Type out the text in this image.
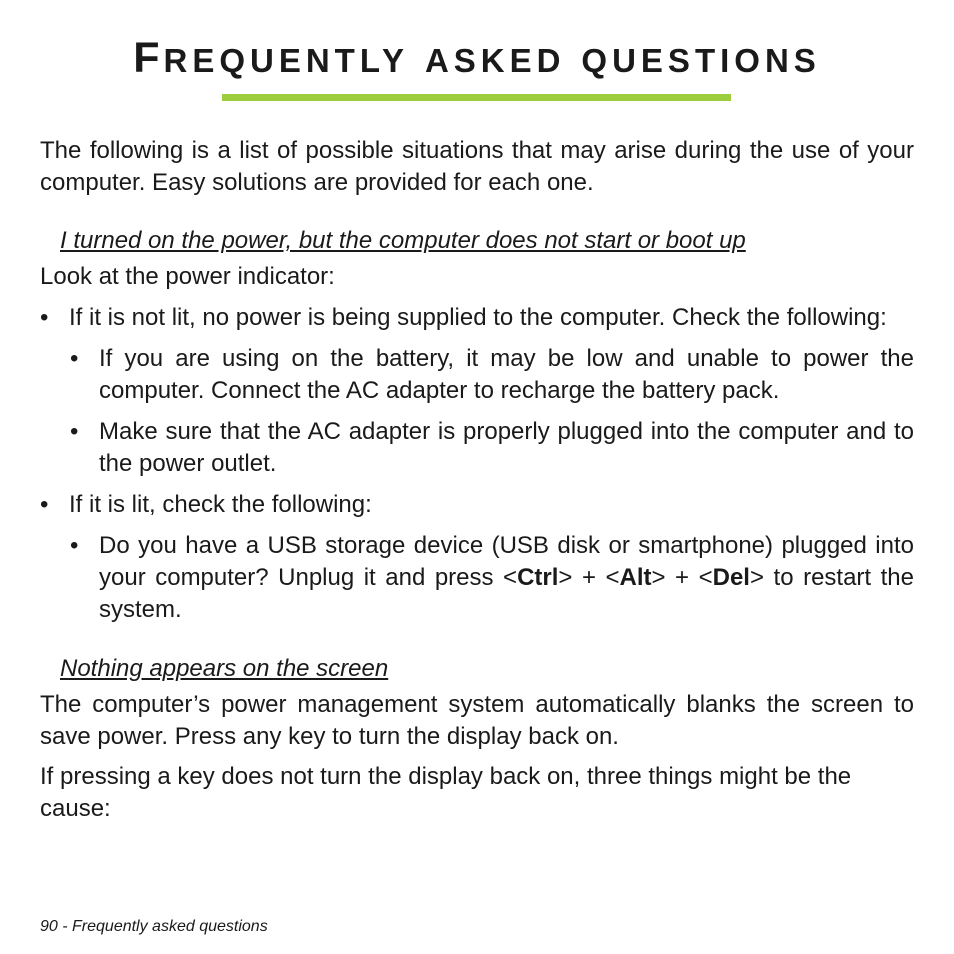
FREQUENTLY ASKED QUESTIONS

The following is a list of possible situations that may arise during the use of your computer. Easy solutions are provided for each one.

I turned on the power, but the computer does not start or boot up

Look at the power indicator:

• If it is not lit, no power is being supplied to the computer. Check the following:
• If you are using on the battery, it may be low and unable to power the computer. Connect the AC adapter to recharge the battery pack.
• Make sure that the AC adapter is properly plugged into the computer and to the power outlet.
• If it is lit, check the following:
• Do you have a USB storage device (USB disk or smartphone) plugged into your computer? Unplug it and press <Ctrl> + <Alt> + <Del> to restart the system.

Nothing appears on the screen

The computer’s power management system automatically blanks the screen to save power. Press any key to turn the display back on.

If pressing a key does not turn the display back on, three things might be the cause:

90 - Frequently asked questions
